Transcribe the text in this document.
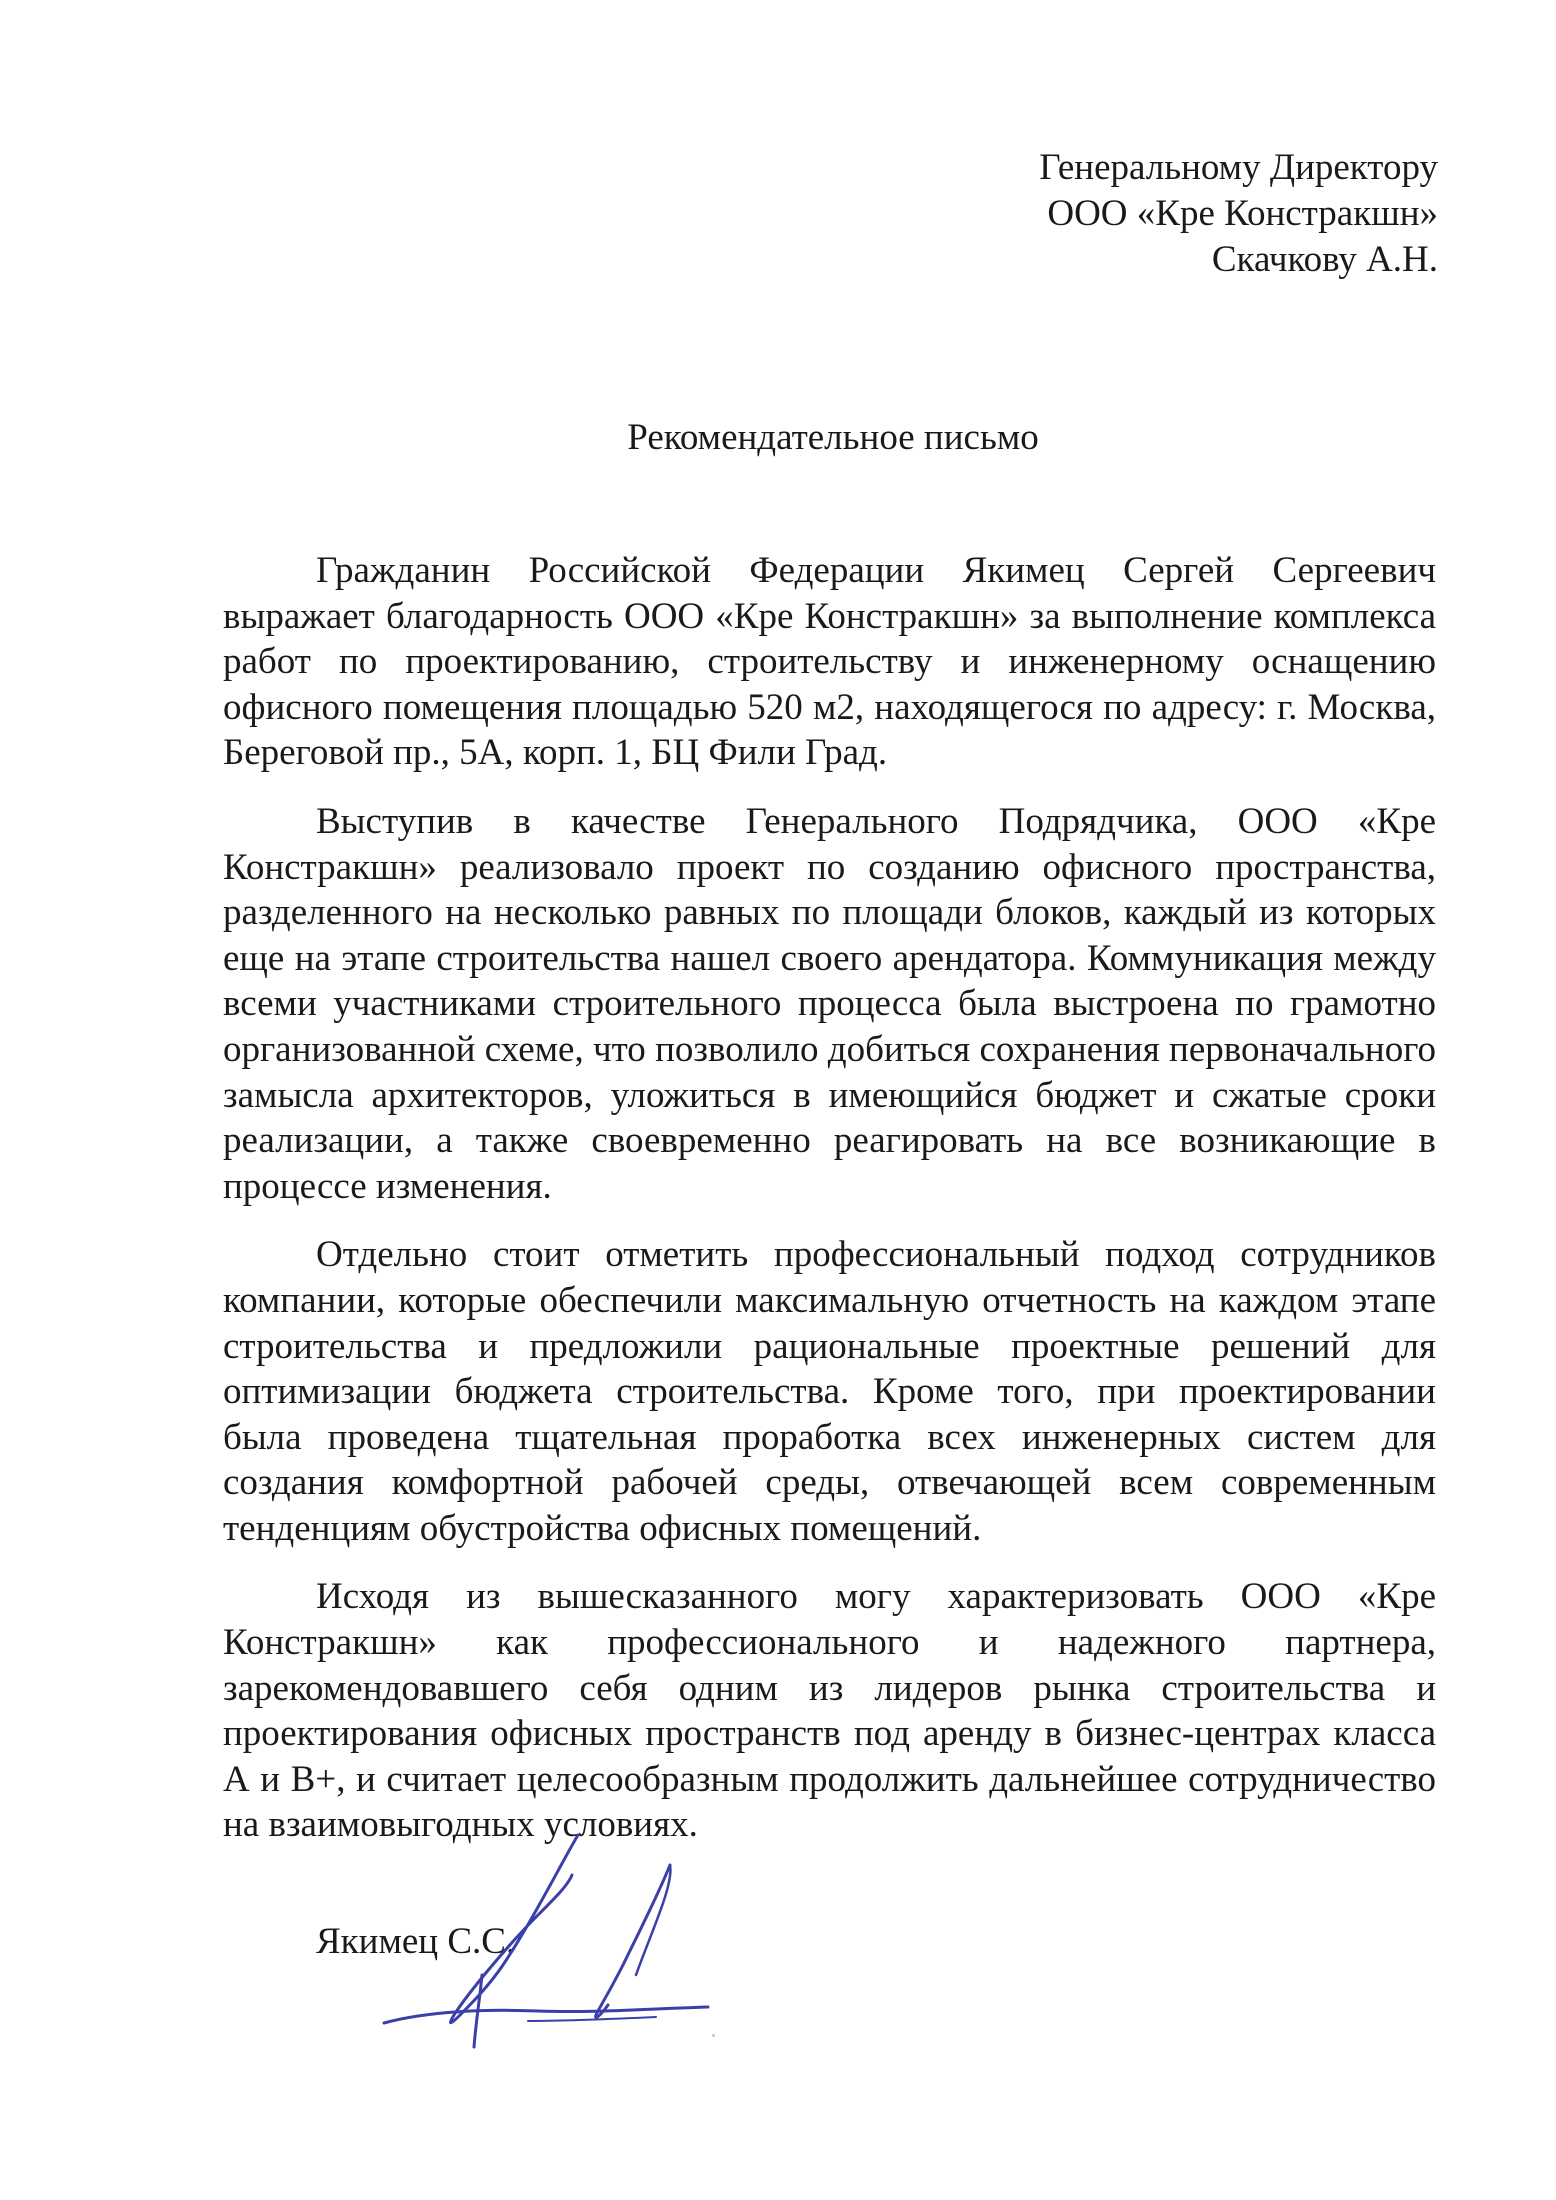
Генеральному Директору
ООО «Кре Констракшн»
Скачкову А.Н.
Рекомендательное письмо

Гражданин Российской Федерации Якимец Сергей Сергеевич выражает благодарность ООО «Кре Констракшн» за выполнение комплекса работ по проектированию, строительству и инженерному оснащению офисного помещения площадью 520 м2, находящегося по адресу: г. Москва, Береговой пр., 5А, корп. 1, БЦ Фили Град.

Выступив в качестве Генерального Подрядчика, ООО «Кре Констракшн» реализовало проект по созданию офисного пространства, разделенного на несколько равных по площади блоков, каждый из которых еще на этапе строительства нашел своего арендатора. Коммуникация между всеми участниками строительного процесса была выстроена по грамотно организованной схеме, что позволило добиться сохранения первоначального замысла архитекторов, уложиться в имеющийся бюджет и сжатые сроки реализации, а также своевременно реагировать на все возникающие в процессе изменения.

Отдельно стоит отметить профессиональный подход сотрудников компании, которые обеспечили максимальную отчетность на каждом этапе строительства и предложили рациональные проектные решений для оптимизации бюджета строительства. Кроме того, при проектировании была проведена тщательная проработка всех инженерных систем для создания комфортной рабочей среды, отвечающей всем современным тенденциям обустройства офисных помещений.

Исходя из вышесказанного могу характеризовать ООО «Кре Констракшн» как профессионального и надежного партнера, зарекомендовавшего себя одним из лидеров рынка строительства и проектирования офисных пространств под аренду в бизнес-центрах класса А и В+, и считает целесообразным продолжить дальнейшее сотрудничество на взаимовыгодных условиях.

Якимец С.С.
